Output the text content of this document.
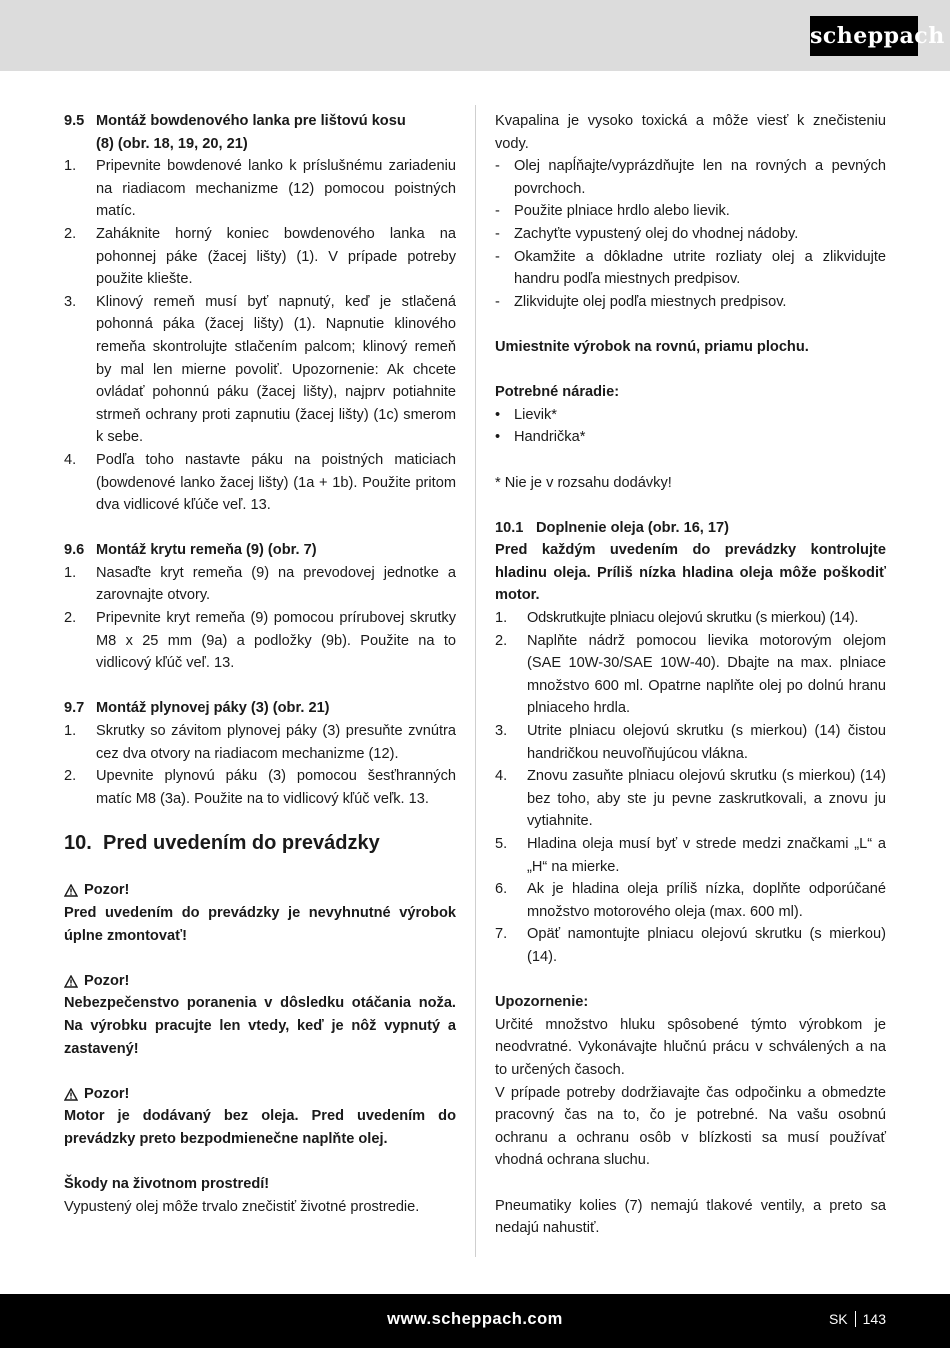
scheppach
9.5 Montáž bowdenového lanka pre lištovú kosu
(8) (obr. 18, 19, 20, 21)
1.	Pripevnite bowdenové lanko k príslušnému zariadeniu na riadiacom mechanizme (12) pomocou poistných matíc.
2.	Zaháknite horný koniec bowdenového lanka na pohonnej páke (žacej lišty) (1). V prípade potreby použite kliešte.
3.	Klinový remeň musí byť napnutý, keď je stlačená pohonná páka (žacej lišty) (1). Napnutie klinového remeňa skontrolujte stlačením palcom; klinový remeň by mal len mierne povoliť. Upozornenie: Ak chcete ovládať pohonnú páku (žacej lišty), najprv potiahnite strmeň ochrany proti zapnutiu (žacej lišty) (1c) smerom k sebe.
4.	Podľa toho nastavte páku na poistných maticiach (bowdenové lanko žacej lišty) (1a + 1b). Použite pritom dva vidlicové kľúče veľ. 13.
9.6 Montáž krytu remeňa (9) (obr. 7)
1.	Nasaďte kryt remeňa (9) na prevodovej jednotke a zarovnajte otvory.
2.	Pripevnite kryt remeňa (9) pomocou prírubovej skrutky M8 x 25 mm (9a) a podložky (9b). Použite na to vidlicový kľúč veľ. 13.
9.7 Montáž plynovej páky (3) (obr. 21)
1.	Skrutky so závitom plynovej páky (3) presuňte zvnútra cez dva otvory na riadiacom mechanizme (12).
2.	Upevnite plynovú páku (3) pomocou šesťhranných matíc M8 (3a). Použite na to vidlicový kľúč veľk. 13.
10. Pred uvedením do prevádzky
Pozor!

Pred uvedením do prevádzky je nevyhnutné výrobok úplne zmontovať!

Pozor!

Nebezpečenstvo poranenia v dôsledku otáčania noža. Na výrobku pracujte len vtedy, keď je nôž vypnutý a zastavený!

Pozor!

Motor je dodávaný bez oleja. Pred uvedením do prevádzky preto bezpodmienečne naplňte olej.

Škody na životnom prostredí!

Vypustený olej môže trvalo znečistiť životné prostredie.

Kvapalina je vysoko toxická a môže viesť k znečisteniu vody.

- Olej napĺňajte/vyprázdňujte len na rovných a pevných povrchoch.
- Použite plniace hrdlo alebo lievik.
- Zachyťte vypustený olej do vhodnej nádoby.
- Okamžite a dôkladne utrite rozliaty olej a zlikvidujte handru podľa miestnych predpisov.
- Zlikvidujte olej podľa miestnych predpisov.

Umiestnite výrobok na rovnú, priamu plochu.

Potrebné náradie:

• Lievik*
• Handrička*

* Nie je v rozsahu dodávky!

10.1 Doplnenie oleja (obr. 16, 17)

Pred každým uvedením do prevádzky kontrolujte hladinu oleja. Príliš nízka hladina oleja môže poškodiť motor.

1.	Odskrutkujte plniacu olejovú skrutku (s mierkou) (14).
2.	Naplňte nádrž pomocou lievika motorovým olejom (SAE 10W-30/SAE 10W-40). Dbajte na max. plniace množstvo 600 ml. Opatrne naplňte olej po dolnú hranu plniaceho hrdla.
3.	Utrite plniacu olejovú skrutku (s mierkou) (14) čistou handričkou neuvoľňujúcou vlákna.
4.	Znovu zasuňte plniacu olejovú skrutku (s mierkou) (14) bez toho, aby ste ju pevne zaskrutkovali, a znovu ju vytiahnite.
5.	Hladina oleja musí byť v strede medzi značkami „L“ a „H“ na mierke.
6.	Ak je hladina oleja príliš nízka, doplňte odporúčané množstvo motorového oleja (max. 600 ml).
7.	Opäť namontujte plniacu olejovú skrutku (s mierkou) (14).

Upozornenie:

Určité množstvo hluku spôsobené týmto výrobkom je neodvratné. Vykonávajte hlučnú prácu v schválených a na to určených časoch.

V prípade potreby dodržiavajte čas odpočinku a obmedzte pracovný čas na to, čo je potrebné. Na vašu osobnú ochranu a ochranu osôb v blízkosti sa musí používať vhodná ochrana sluchu.

Pneumatiky kolies (7) nemajú tlakové ventily, a preto sa nedajú nahustiť.

www.scheppach.com	SK 143
